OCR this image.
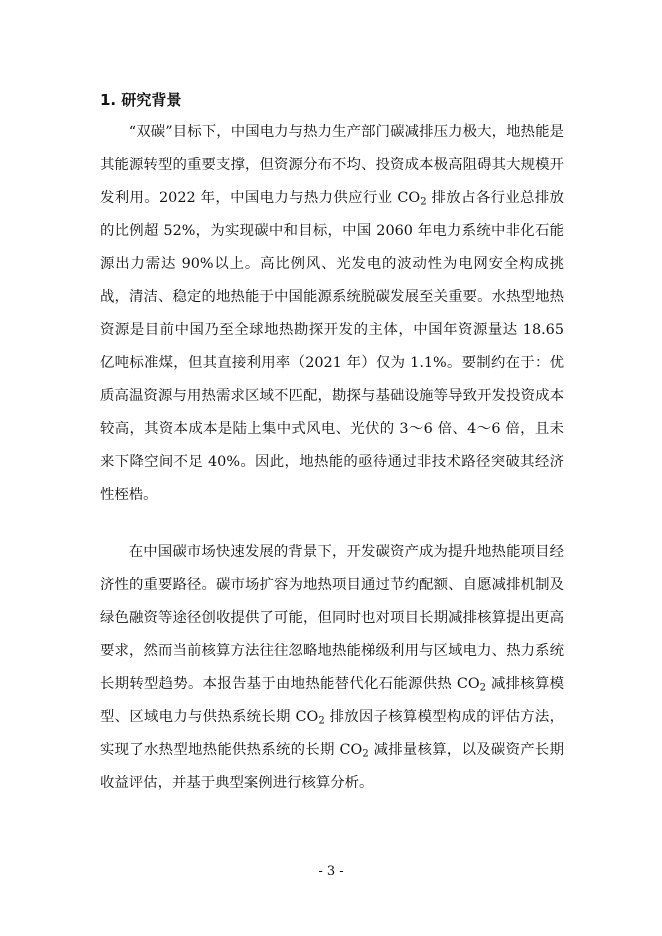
1. 研究背景

“双碳”目标下，中国电力与热力生产部门碳减排压力极大，地热能是其能源转型的重要支撑，但资源分布不均、投资成本极高阻碍其大规模开发利用。2022 年，中国电力与热力供应行业 $CO_2$ 排放占各行业总排放的比例超 52%，为实现碳中和目标，中国 2060 年电力系统中非化石能源出力需达 90%以上。高比例风、光发电的波动性为电网安全构成挑战，清洁、稳定的地热能于中国能源系统脱碳发展至关重要。水热型地热资源是目前中国乃至全球地热勘探开发的主体，中国年资源量达 18.65 亿吨标准煤，但其直接利用率（2021 年）仅为 1.1%。要制约在于：优质高温资源与用热需求区域不匹配，勘探与基础设施等导致开发投资成本较高，其资本成本是陆上集中式风电、光伏的 3～6 倍、4～6 倍，且未来下降空间不足 40%。因此，地热能的亟待通过非技术路径突破其经济性桎梏。

在中国碳市场快速发展的背景下，开发碳资产成为提升地热能项目经济性的重要路径。碳市场扩容为地热项目通过节约配额、自愿减排机制及绿色融资等途径创收提供了可能，但同时也对项目长期减排核算提出更高要求，然而当前核算方法往往忽略地热能梯级利用与区域电力、热力系统长期转型趋势。本报告基于由地热能替代化石能源供热 $CO_2$ 减排核算模型、区域电力与供热系统长期 $CO_2$ 排放因子核算模型构成的评估方法，实现了水热型地热能供热系统的长期 $CO_2$ 减排量核算，以及碳资产长期收益评估，并基于典型案例进行核算分析。

- 3 -
